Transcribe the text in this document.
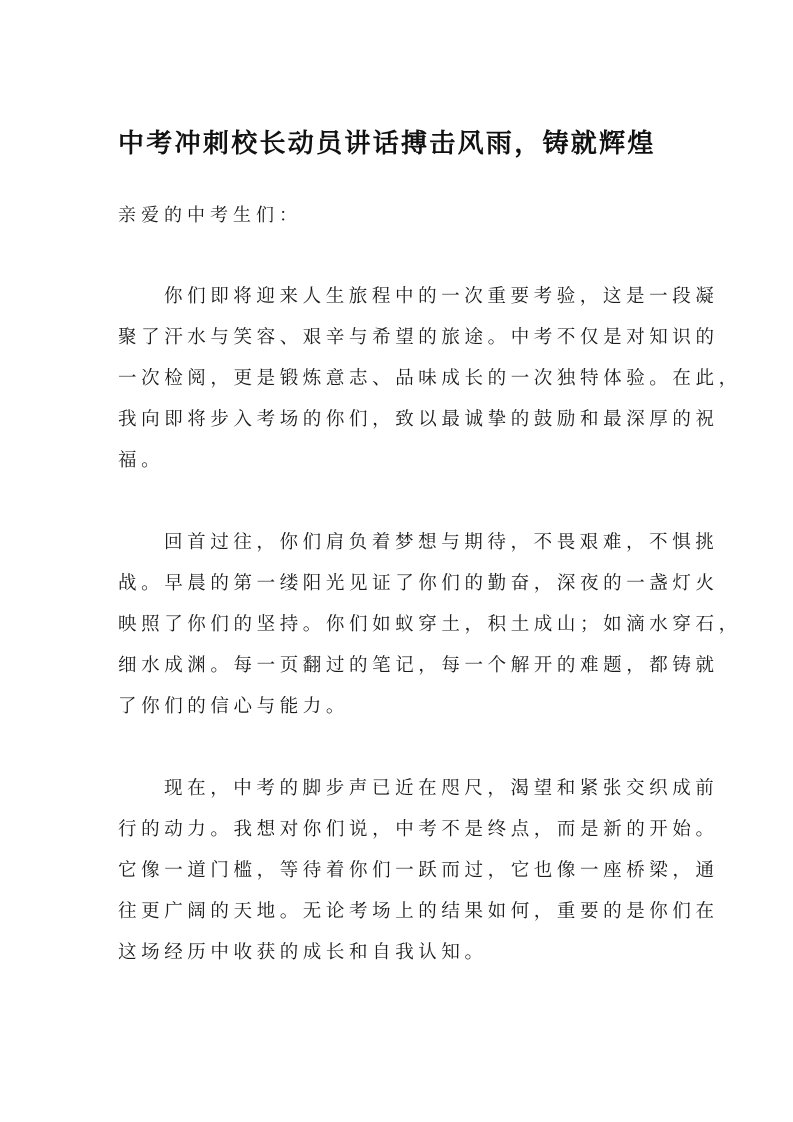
中考冲刺校长动员讲话搏击风雨，铸就辉煌
亲爱的中考生们：
你们即将迎来人生旅程中的一次重要考验，这是一段凝
聚了汗水与笑容、艰辛与希望的旅途。中考不仅是对知识的
一次检阅，更是锻炼意志、品味成长的一次独特体验。在此，
我向即将步入考场的你们，致以最诚挚的鼓励和最深厚的祝
福。
回首过往，你们肩负着梦想与期待，不畏艰难，不惧挑
战。早晨的第一缕阳光见证了你们的勤奋，深夜的一盏灯火
映照了你们的坚持。你们如蚁穿土，积土成山；如滴水穿石，
细水成渊。每一页翻过的笔记，每一个解开的难题，都铸就
了你们的信心与能力。
现在，中考的脚步声已近在咫尺，渴望和紧张交织成前
行的动力。我想对你们说，中考不是终点，而是新的开始。
它像一道门槛，等待着你们一跃而过，它也像一座桥梁，通
往更广阔的天地。无论考场上的结果如何，重要的是你们在
这场经历中收获的成长和自我认知。
